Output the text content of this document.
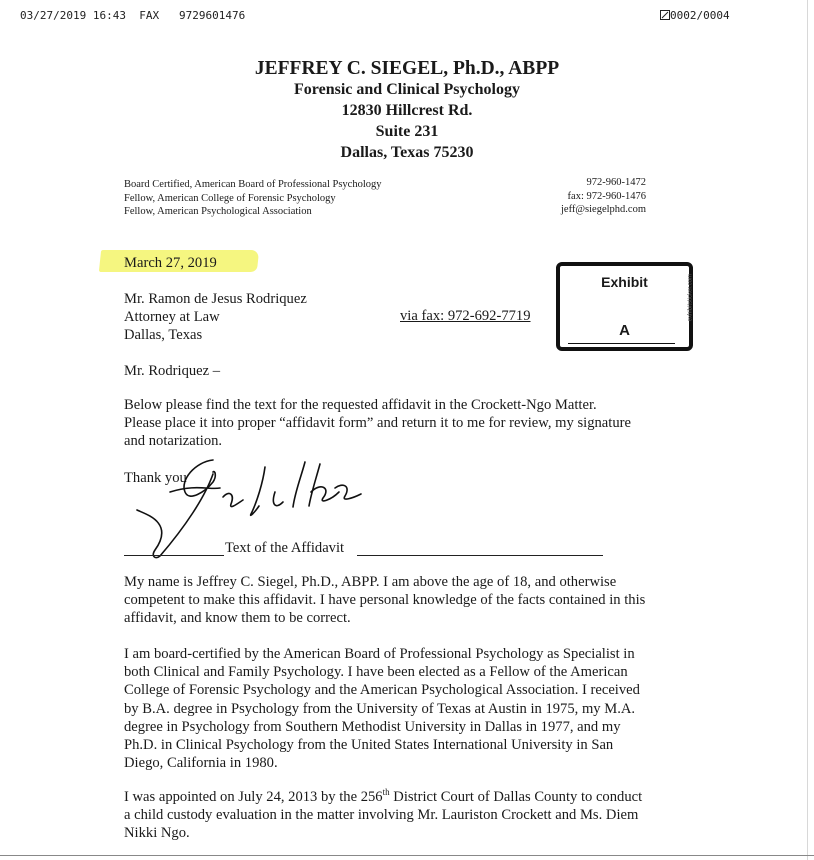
03/27/2019 16:43 FAX 9729601476	0002/0004
JEFFREY C. SIEGEL, Ph.D., ABPP
Forensic and Clinical Psychology
12830 Hillcrest Rd.
Suite 231
Dallas, Texas 75230
Board Certified, American Board of Professional Psychology
Fellow, American College of Forensic Psychology
Fellow, American Psychological Association
972-960-1472
fax: 972-960-1476
jeff@siegelphd.com
March 27, 2019
Exhibit
A
exhibitsticker.com
Mr. Ramon de Jesus Rodriquez
Attorney at Law
Dallas, Texas
via fax: 972-692-7719
Mr. Rodriquez –
Below please find the text for the requested affidavit in the Crockett-Ngo Matter.
Please place it into proper “affidavit form” and return it to me for review, my signature
and notarization.
Thank you
Text of the Affidavit
My name is Jeffrey C. Siegel, Ph.D., ABPP. I am above the age of 18, and otherwise
competent to make this affidavit. I have personal knowledge of the facts contained in this
affidavit, and know them to be correct.
I am board-certified by the American Board of Professional Psychology as Specialist in
both Clinical and Family Psychology. I have been elected as a Fellow of the American
College of Forensic Psychology and the American Psychological Association. I received
by B.A. degree in Psychology from the University of Texas at Austin in 1975, my M.A.
degree in Psychology from Southern Methodist University in Dallas in 1977, and my
Ph.D. in Clinical Psychology from the United States International University in San
Diego, California in 1980.
I was appointed on July 24, 2013 by the 256th District Court of Dallas County to conduct
a child custody evaluation in the matter involving Mr. Lauriston Crockett and Ms. Diem
Nikki Ngo.
